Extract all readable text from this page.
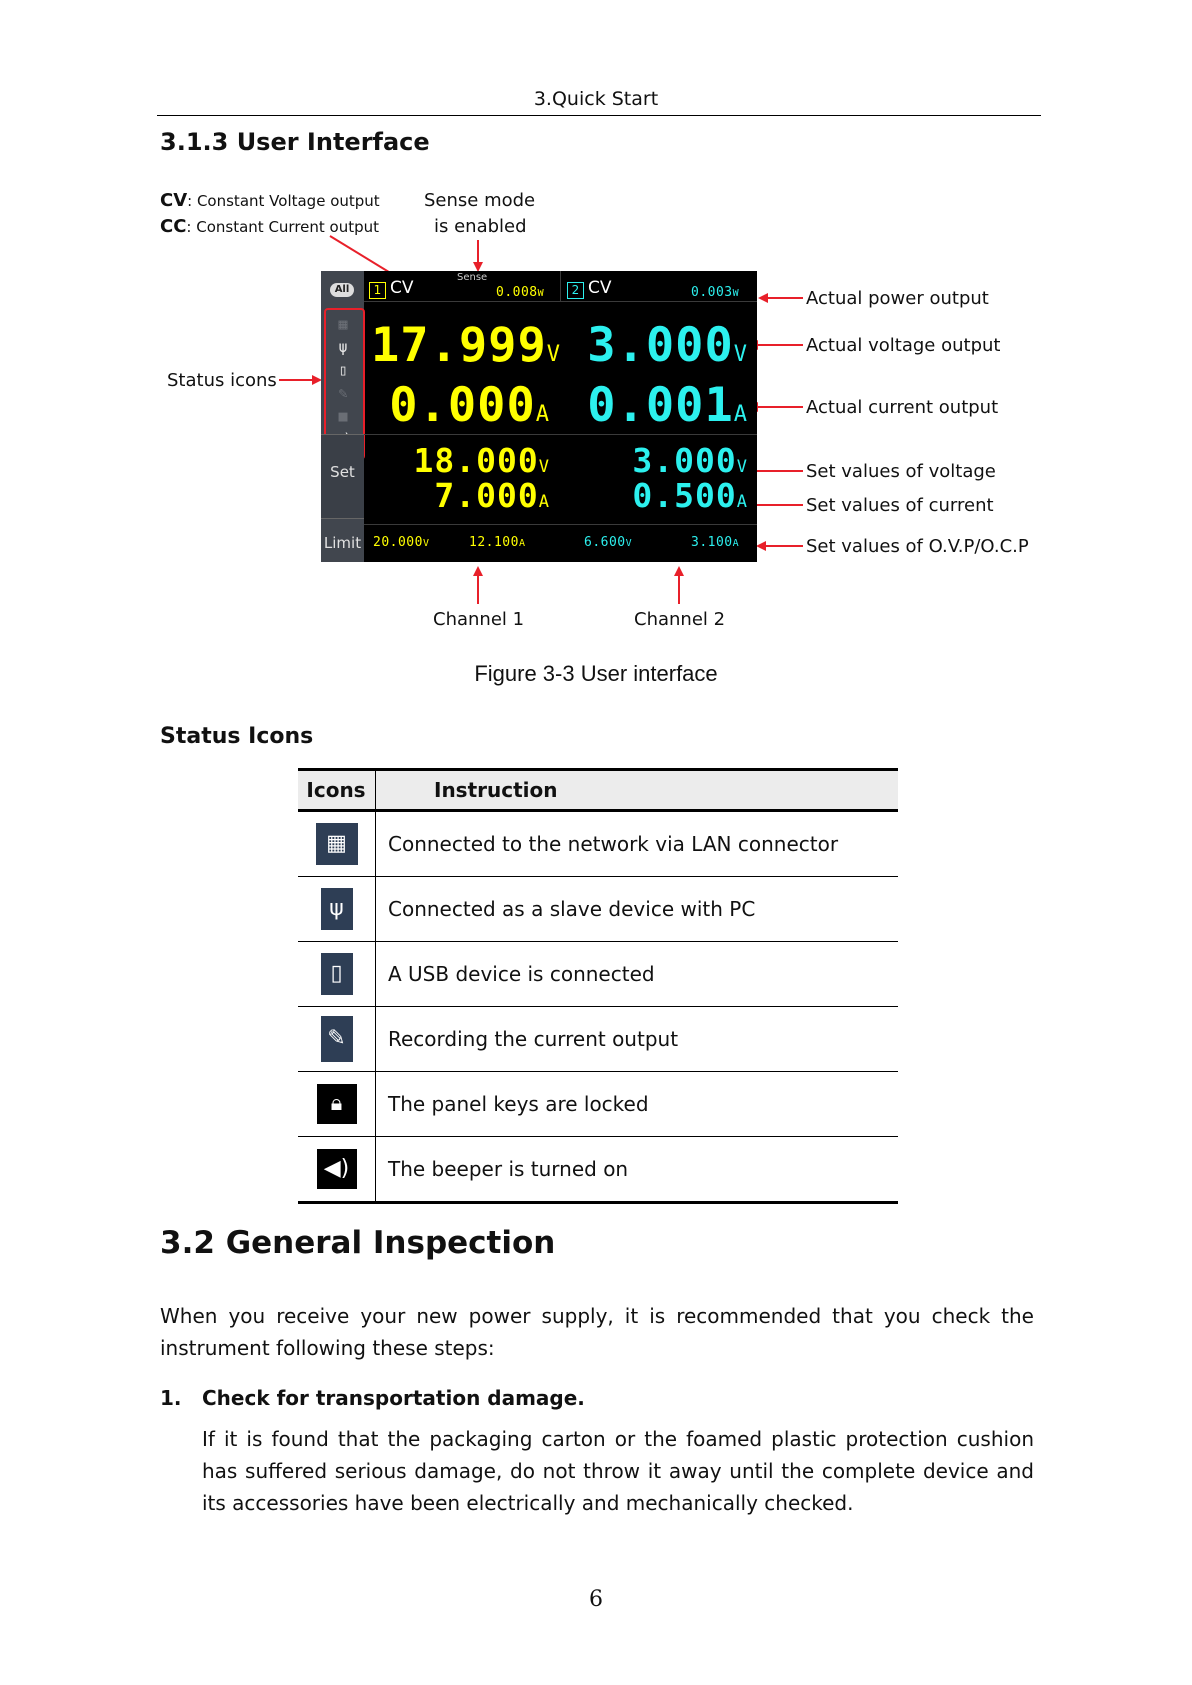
3.Quick Start
3.1.3 User Interface
CV: Constant Voltage output
CC: Constant Current output
Sense mode
is enabled
Status icons
Actual power output
Actual voltage output
Actual current output
Set values of voltage
Set values of current
Set values of O.V.P/O.C.P
Channel 1	Channel 2
All
▦
ψ
▯
✎
■
Set
Limit
1 CV
Sense
0.008W	2 CV	0.003W
17.999V
0.000A
3.000V
0.001A
18.000V
7.000A
3.000V
0.500A
20.000V	12.100A	6.600V	3.100A
Figure 3-3 User interface
Status Icons
Icons	Instruction
▦	Connected to the network via LAN connector
ψ	Connected as a slave device with PC
▯	A USB device is connected
✎	Recording the current output
🔒︎	The panel keys are locked
◀)	The beeper is turned on
3.2 General Inspection
When you receive your new power supply, it is recommended that you check the instrument following these steps:
1. Check for transportation damage.
If it is found that the packaging carton or the foamed plastic protection cushion has suffered serious damage, do not throw it away until the complete device and its accessories have been electrically and mechanically checked.
6
